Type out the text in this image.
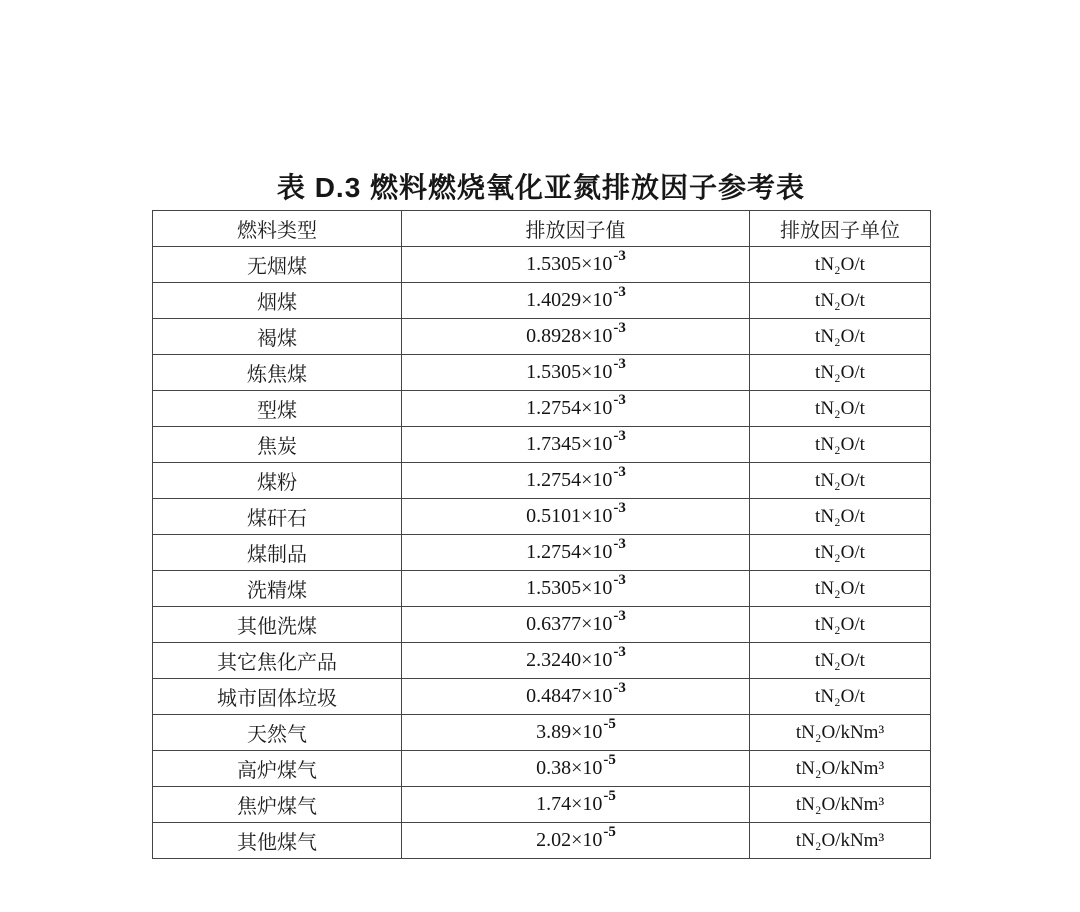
表 D.3 燃料燃烧氧化亚氮排放因子参考表
燃料类型	排放因子值	排放因子单位
无烟煤	$1.5305\times 10^{-3}$	tN₂O/t
烟煤	$1.4029\times 10^{-3}$	tN₂O/t
褐煤	$0.8928\times 10^{-3}$	tN₂O/t
炼焦煤	$1.5305\times 10^{-3}$	tN₂O/t
型煤	$1.2754\times 10^{-3}$	tN₂O/t
焦炭	$1.7345\times 10^{-3}$	tN₂O/t
煤粉	$1.2754\times 10^{-3}$	tN₂O/t
煤矸石	$0.5101\times 10^{-3}$	tN₂O/t
煤制品	$1.2754\times 10^{-3}$	tN₂O/t
洗精煤	$1.5305\times 10^{-3}$	tN₂O/t
其他洗煤	$0.6377\times 10^{-3}$	tN₂O/t
其它焦化产品	$2.3240\times 10^{-3}$	tN₂O/t
城市固体垃圾	$0.4847\times 10^{-3}$	tN₂O/t
天然气	$3.89\times 10^{-5}$	tN₂O/kNm³
高炉煤气	$0.38\times 10^{-5}$	tN₂O/kNm³
焦炉煤气	$1.74\times 10^{-5}$	tN₂O/kNm³
其他煤气	$2.02\times 10^{-5}$	tN₂O/kNm³
